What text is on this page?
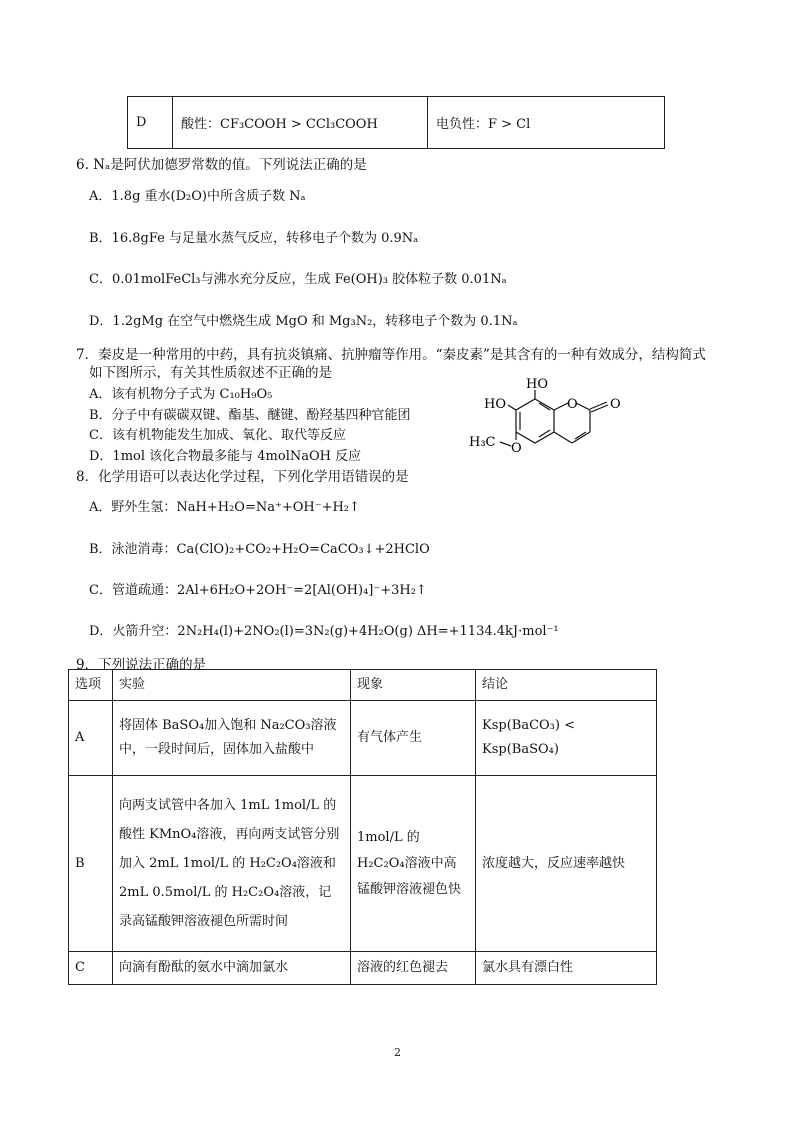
D	酸性：CF₃COOH > CCl₃COOH	电负性：F > Cl
6. Nₐ是阿伏加德罗常数的值。下列说法正确的是
A．1.8g 重水(D₂O)中所含质子数 Nₐ
B．16.8gFe 与足量水蒸气反应，转移电子个数为 0.9Nₐ
C．0.01molFeCl₃与沸水充分反应，生成 Fe(OH)₃ 胶体粒子数 0.01Nₐ
D．1.2gMg 在空气中燃烧生成 MgO 和 Mg₃N₂，转移电子个数为 0.1Nₐ
7．秦皮是一种常用的中药，具有抗炎镇痛、抗肿瘤等作用。“秦皮素”是其含有的一种有效成分，结构简式
如下图所示，有关其性质叙述不正确的是
A．该有机物分子式为 C₁₀H₉O₅
B．分子中有碳碳双键、酯基、醚键、酚羟基四种官能团
C．该有机物能发生加成、氧化、取代等反应
D．1mol 该化合物最多能与 4molNaOH 反应
HO
HO	O O
O
H₃C
8．化学用语可以表达化学过程，下列化学用语错误的是
A．野外生氢：NaH+H₂O=Na⁺+OH⁻+H₂↑
B．泳池消毒：Ca(ClO)₂+CO₂+H₂O=CaCO₃↓+2HClO
C．管道疏通：2Al+6H₂O+2OH⁻=2[Al(OH)₄]⁻+3H₂↑
D．火箭升空：2N₂H₄(l)+2NO₂(l)=3N₂(g)+4H₂O(g) ΔH=+1134.4kJ·mol⁻¹
9．下列说法正确的是
选项	实验	现象	结论
A	将固体 BaSO₄加入饱和 Na₂CO₃溶液中，一段时间后，固体加入盐酸中	有气体产生	Ksp(BaCO₃) < Ksp(BaSO₄)
B	向两支试管中各加入 1mL 1mol/L 的酸性 KMnO₄溶液，再向两支试管分别加入 2mL 1mol/L 的 H₂C₂O₄溶液和 2mL 0.5mol/L 的 H₂C₂O₄溶液，记录高锰酸钾溶液褪色所需时间	1mol/L 的 H₂C₂O₄溶液中高锰酸钾溶液褪色快	浓度越大，反应速率越快
C	向滴有酚酞的氨水中滴加氯水	溶液的红色褪去	氯水具有漂白性
2
